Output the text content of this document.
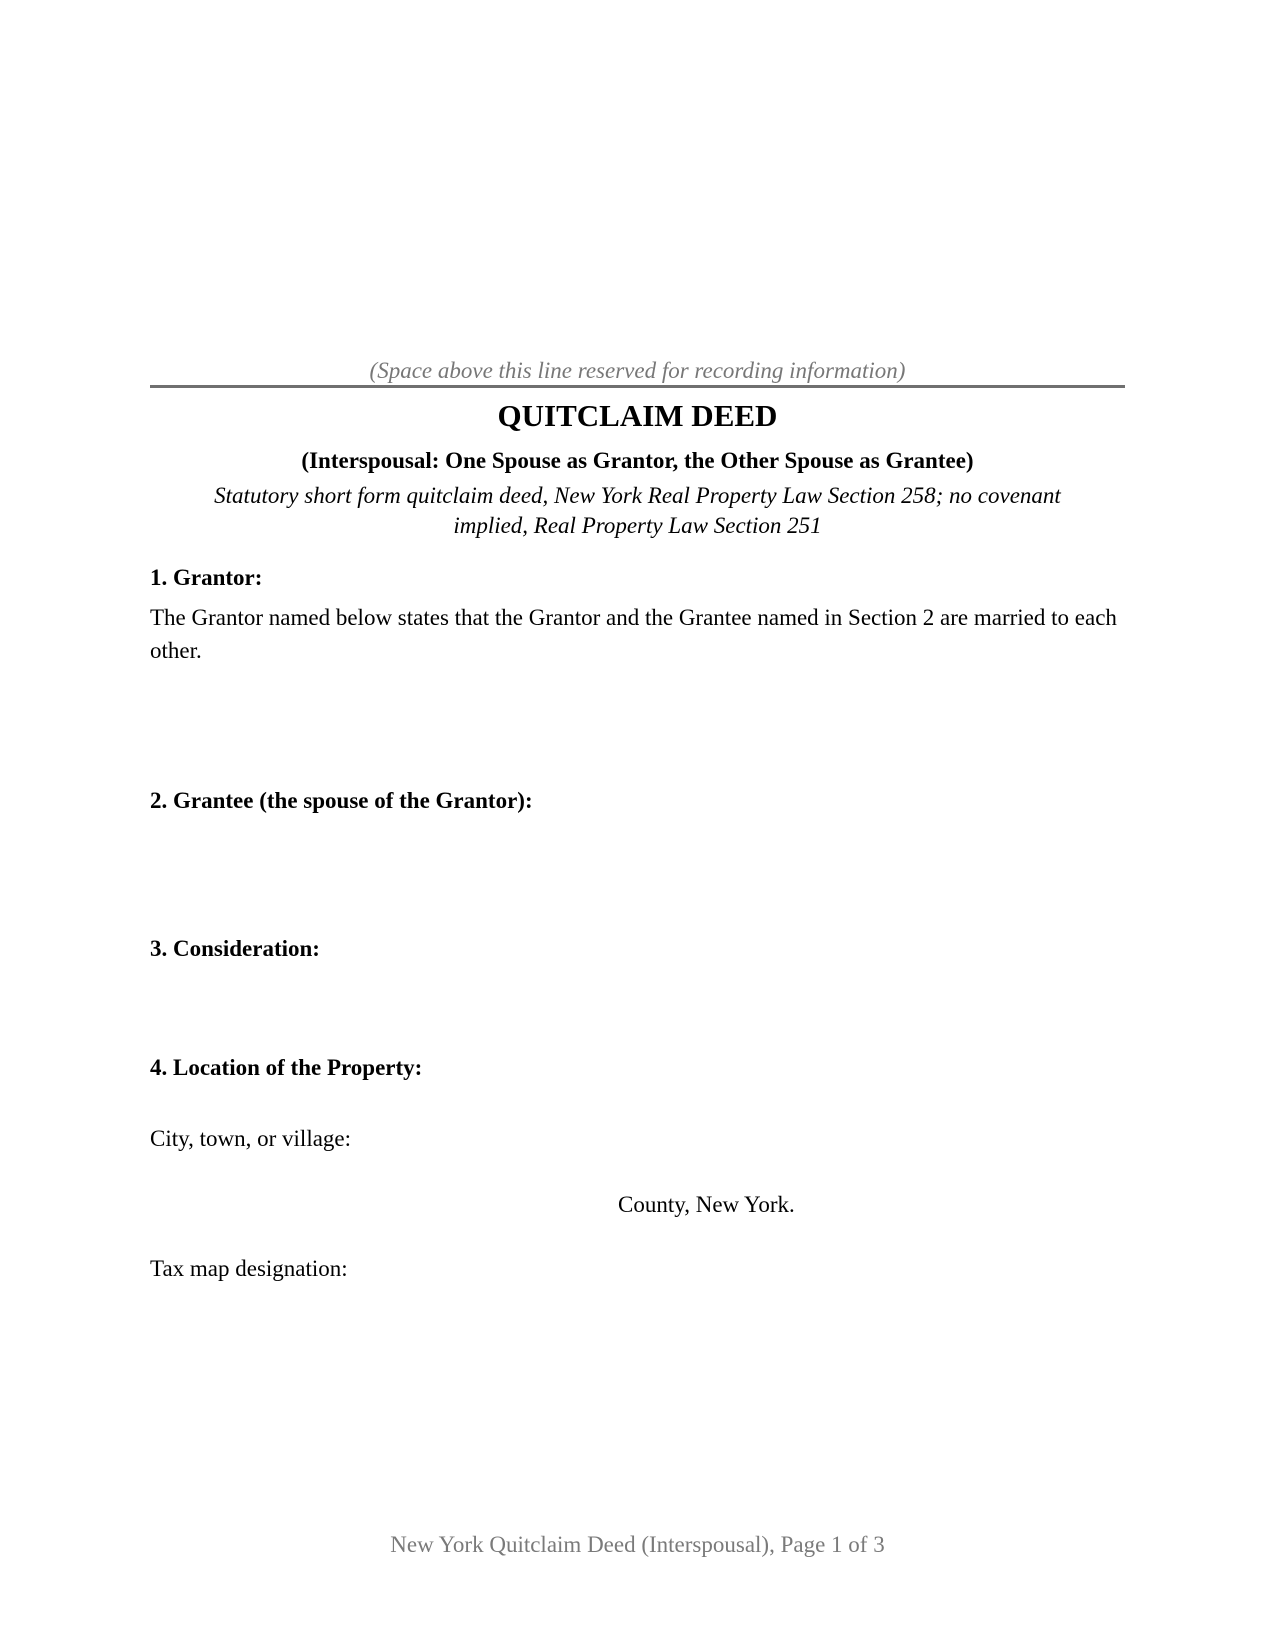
(Space above this line reserved for recording information)
QUITCLAIM DEED
(Interspousal: One Spouse as Grantor, the Other Spouse as Grantee)
Statutory short form quitclaim deed, New York Real Property Law Section 258; no covenant
implied, Real Property Law Section 251
1. Grantor:
The Grantor named below states that the Grantor and the Grantee named in Section 2 are married to each other.
2. Grantee (the spouse of the Grantor):
3. Consideration:
4. Location of the Property:
City, town, or village:
County, New York.
Tax map designation:
New York Quitclaim Deed (Interspousal), Page 1 of 3
